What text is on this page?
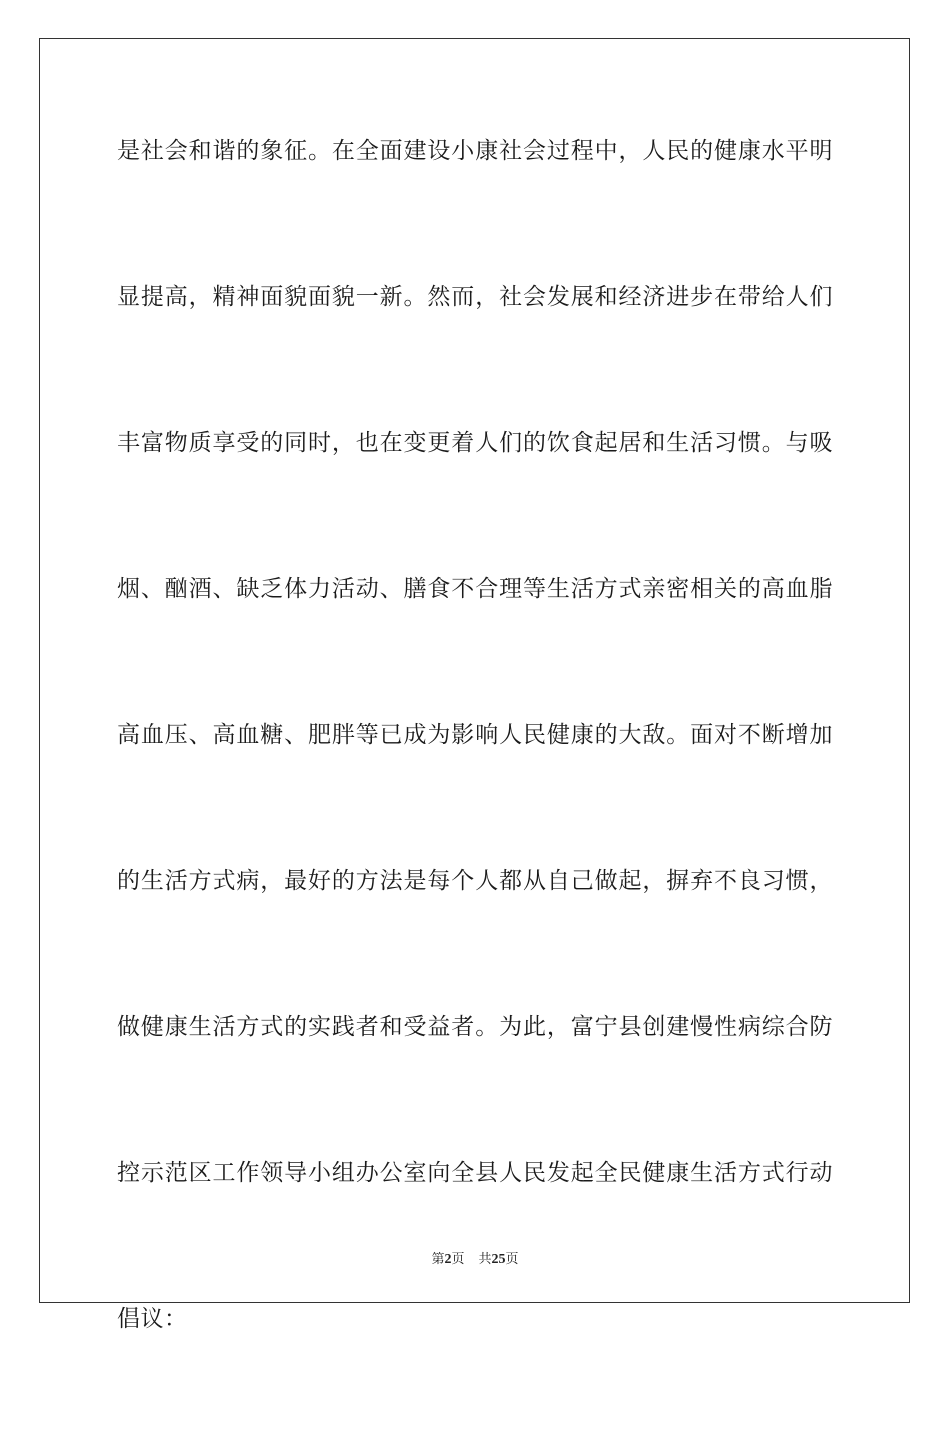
是社会和谐的象征。在全面建设小康社会过程中，人民的健康水平明

显提高，精神面貌面貌一新。然而，社会发展和经济进步在带给人们

丰富物质享受的同时，也在变更着人们的饮食起居和生活习惯。与吸

烟、酗酒、缺乏体力活动、膳食不合理等生活方式亲密相关的高血脂

高血压、高血糖、肥胖等已成为影响人民健康的大敌。面对不断增加

的生活方式病，最好的方法是每个人都从自己做起，摒弃不良习惯，

做健康生活方式的实践者和受益者。为此，富宁县创建慢性病综合防

控示范区工作领导小组办公室向全县人民发起全民健康生活方式行动

倡议：

第2页 共25页
